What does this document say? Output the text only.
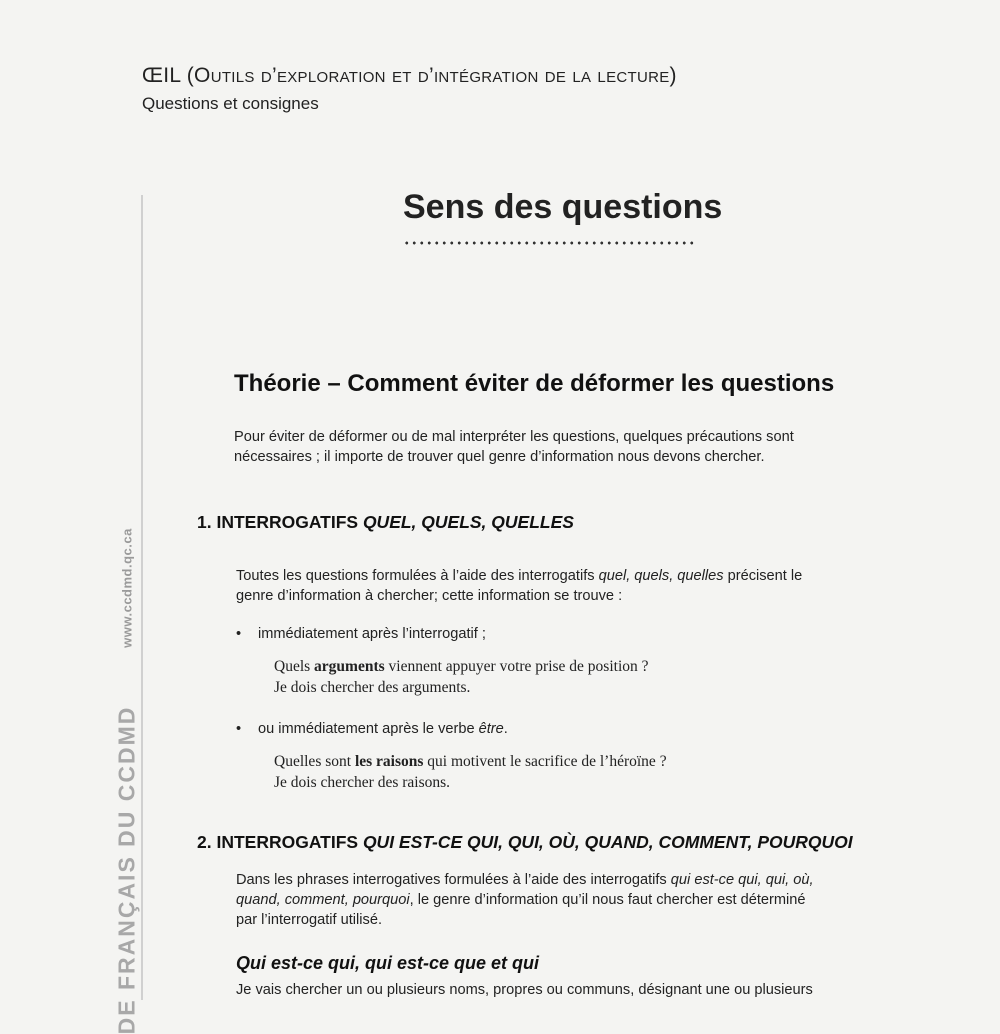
ŒIL (Outils d’exploration et d’intégration de la lecture)
Questions et consignes
www.ccdmd.qc.ca
DE FRANÇAIS DU CCDMD
Sens des questions
Théorie – Comment éviter de déformer les questions
Pour éviter de déformer ou de mal interpréter les questions, quelques précautions sont
nécessaires ; il importe de trouver quel genre d’information nous devons chercher.
1. INTERROGATIFS QUEL, QUELS, QUELLES
Toutes les questions formulées à l’aide des interrogatifs quel, quels, quelles précisent le
genre d’information à chercher; cette information se trouve :
• immédiatement après l’interrogatif ;
Quels arguments viennent appuyer votre prise de position ?
Je dois chercher des arguments.
• ou immédiatement après le verbe être.
Quelles sont les raisons qui motivent le sacrifice de l’héroïne ?
Je dois chercher des raisons.
2. INTERROGATIFS QUI EST-CE QUI, QUI, OÙ, QUAND, COMMENT, POURQUOI
Dans les phrases interrogatives formulées à l’aide des interrogatifs qui est-ce qui, qui, où,
quand, comment, pourquoi, le genre d’information qu’il nous faut chercher est déterminé
par l’interrogatif utilisé.
Qui est-ce qui, qui est-ce que et qui
Je vais chercher un ou plusieurs noms, propres ou communs, désignant une ou plusieurs
